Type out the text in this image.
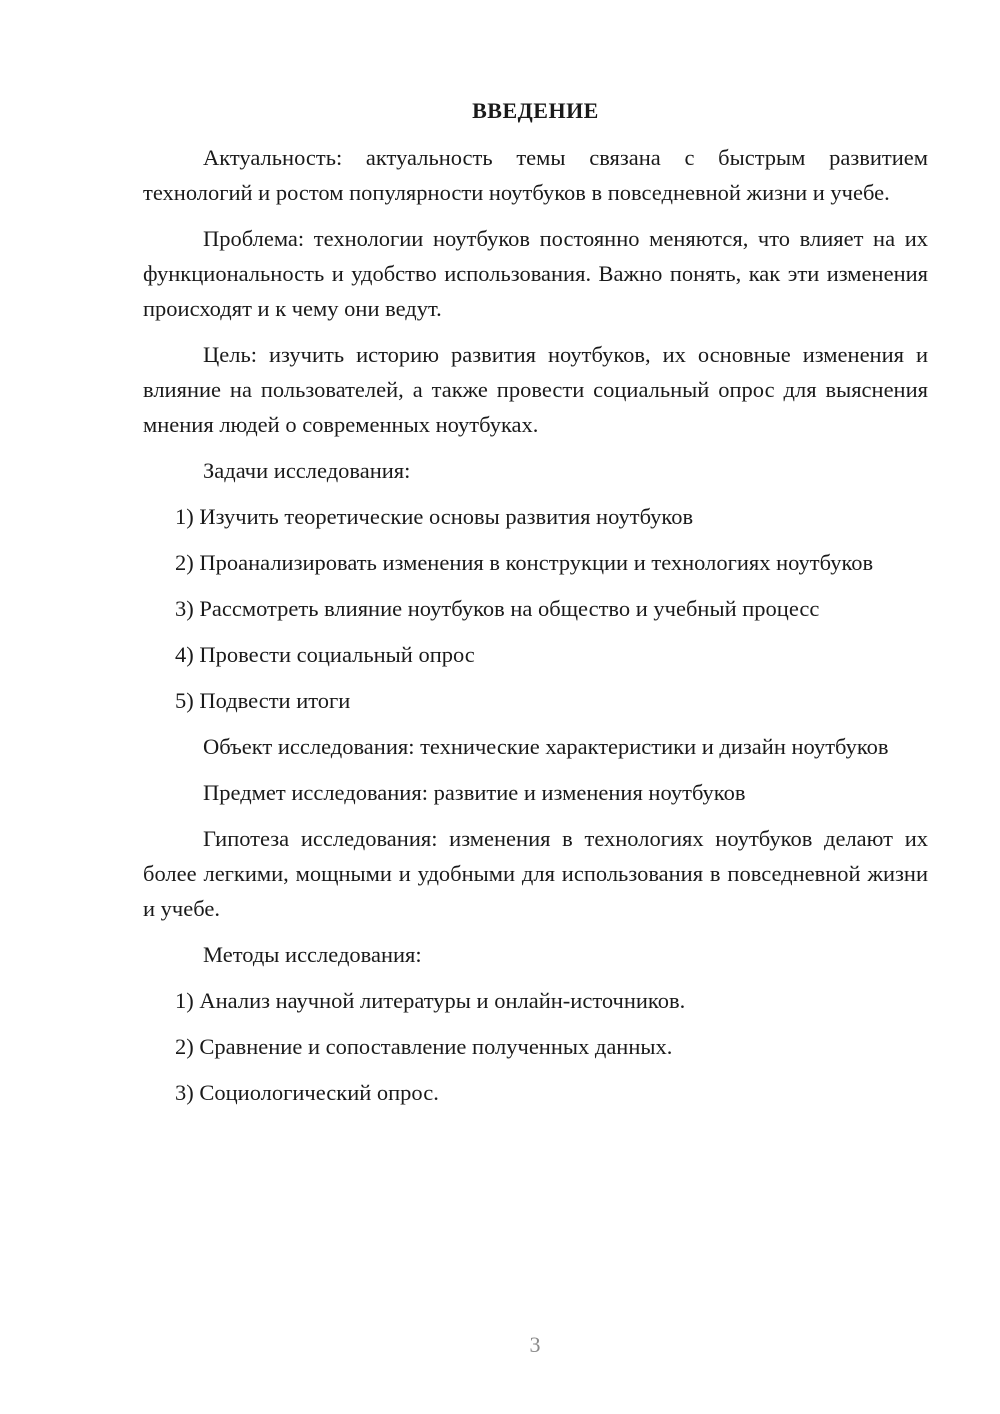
ВВЕДЕНИЕ

Актуальность: актуальность темы связана с быстрым развитием технологий и ростом популярности ноутбуков в повседневной жизни и учебе.

Проблема: технологии ноутбуков постоянно меняются, что влияет на их функциональность и удобство использования. Важно понять, как эти изменения происходят и к чему они ведут.

Цель: изучить историю развития ноутбуков, их основные изменения и влияние на пользователей, а также провести социальный опрос для выяснения мнения людей о современных ноутбуках.

Задачи исследования:

1) Изучить теоретические основы развития ноутбуков

2) Проанализировать изменения в конструкции и технологиях ноутбуков

3) Рассмотреть влияние ноутбуков на общество и учебный процесс

4) Провести социальный опрос

5) Подвести итоги

Объект исследования: технические характеристики и дизайн ноутбуков

Предмет исследования: развитие и изменения ноутбуков

Гипотеза исследования: изменения в технологиях ноутбуков делают их более легкими, мощными и удобными для использования в повседневной жизни и учебе.

Методы исследования:

1) Анализ научной литературы и онлайн-источников.

2) Сравнение и сопоставление полученных данных.

3) Социологический опрос.

3
